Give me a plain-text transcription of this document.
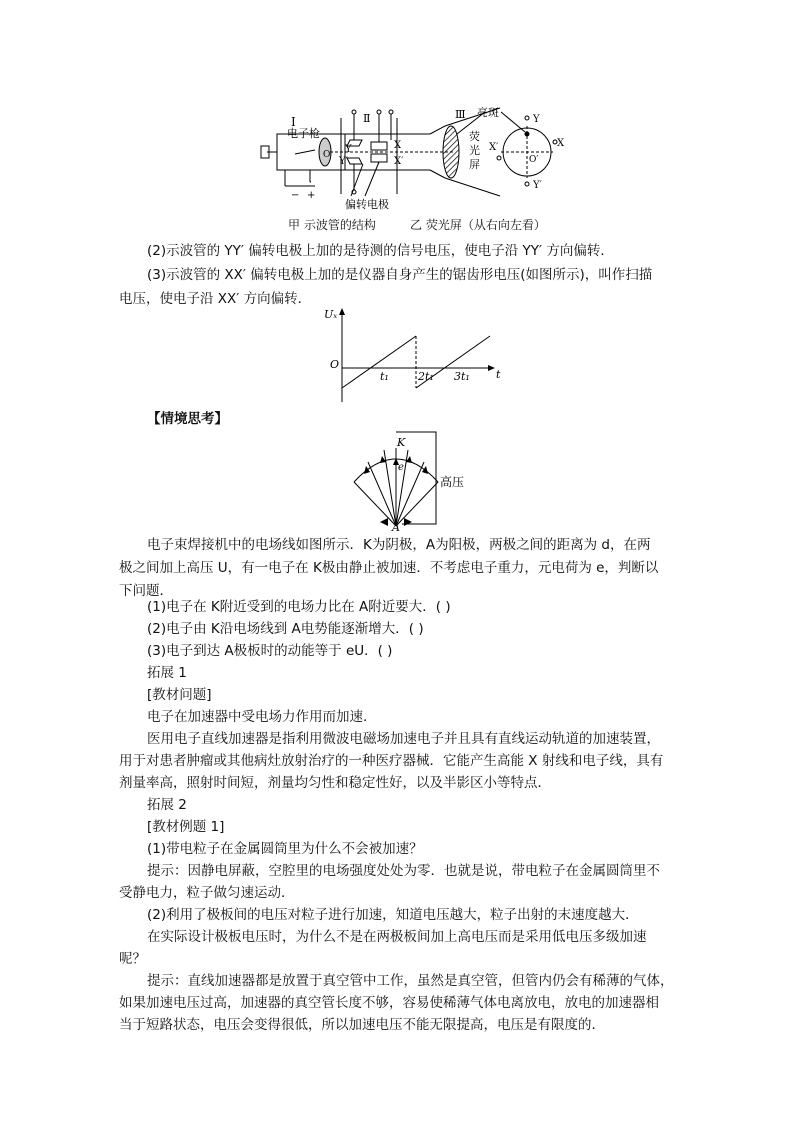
I
电子枪
Ⅱ	Ⅲ 亮斑
Y
Y′
X
X′
O
荧
光
屏
Y
Y′
X
X′
O′
− +
偏转电极
甲 示波管的结构	乙 荧光屏（从右向左看）
(2)示波管的 YY′ 偏转电极上加的是待测的信号电压，使电子沿 YY′ 方向偏转．
(3)示波管的 XX′ 偏转电极上加的是仪器自身产生的锯齿形电压(如图所示)，叫作扫描
电压，使电子沿 XX′ 方向偏转．
Uₓ
O
t₁	2t₁ 3t₁ t
【情境思考】
K
e
A
高压
电子束焊接机中的电场线如图所示．K为阴极，A为阳极，两极之间的距离为 d，在两
极之间加上高压 U，有一电子在 K极由静止被加速．不考虑电子重力，元电荷为 e，判断以
下问题．
(1)电子在 K附近受到的电场力比在 A附近要大．( )
(2)电子由 K沿电场线到 A电势能逐渐增大．( )
(3)电子到达 A极板时的动能等于 eU．( )
拓展 1
[教材问题]
电子在加速器中受电场力作用而加速．
医用电子直线加速器是指利用微波电磁场加速电子并且具有直线运动轨道的加速装置，
用于对患者肿瘤或其他病灶放射治疗的一种医疗器械．它能产生高能 X 射线和电子线，具有
剂量率高，照射时间短，剂量均匀性和稳定性好，以及半影区小等特点．
拓展 2
[教材例题 1]
(1)带电粒子在金属圆筒里为什么不会被加速？
提示：因静电屏蔽，空腔里的电场强度处处为零．也就是说，带电粒子在金属圆筒里不
受静电力，粒子做匀速运动．
(2)利用了极板间的电压对粒子进行加速，知道电压越大，粒子出射的末速度越大．
在实际设计极板电压时，为什么不是在两极板间加上高电压而是采用低电压多级加速
呢？
提示：直线加速器都是放置于真空管中工作，虽然是真空管，但管内仍会有稀薄的气体，
如果加速电压过高，加速器的真空管长度不够，容易使稀薄气体电离放电，放电的加速器相
当于短路状态，电压会变得很低，所以加速电压不能无限提高，电压是有限度的．
